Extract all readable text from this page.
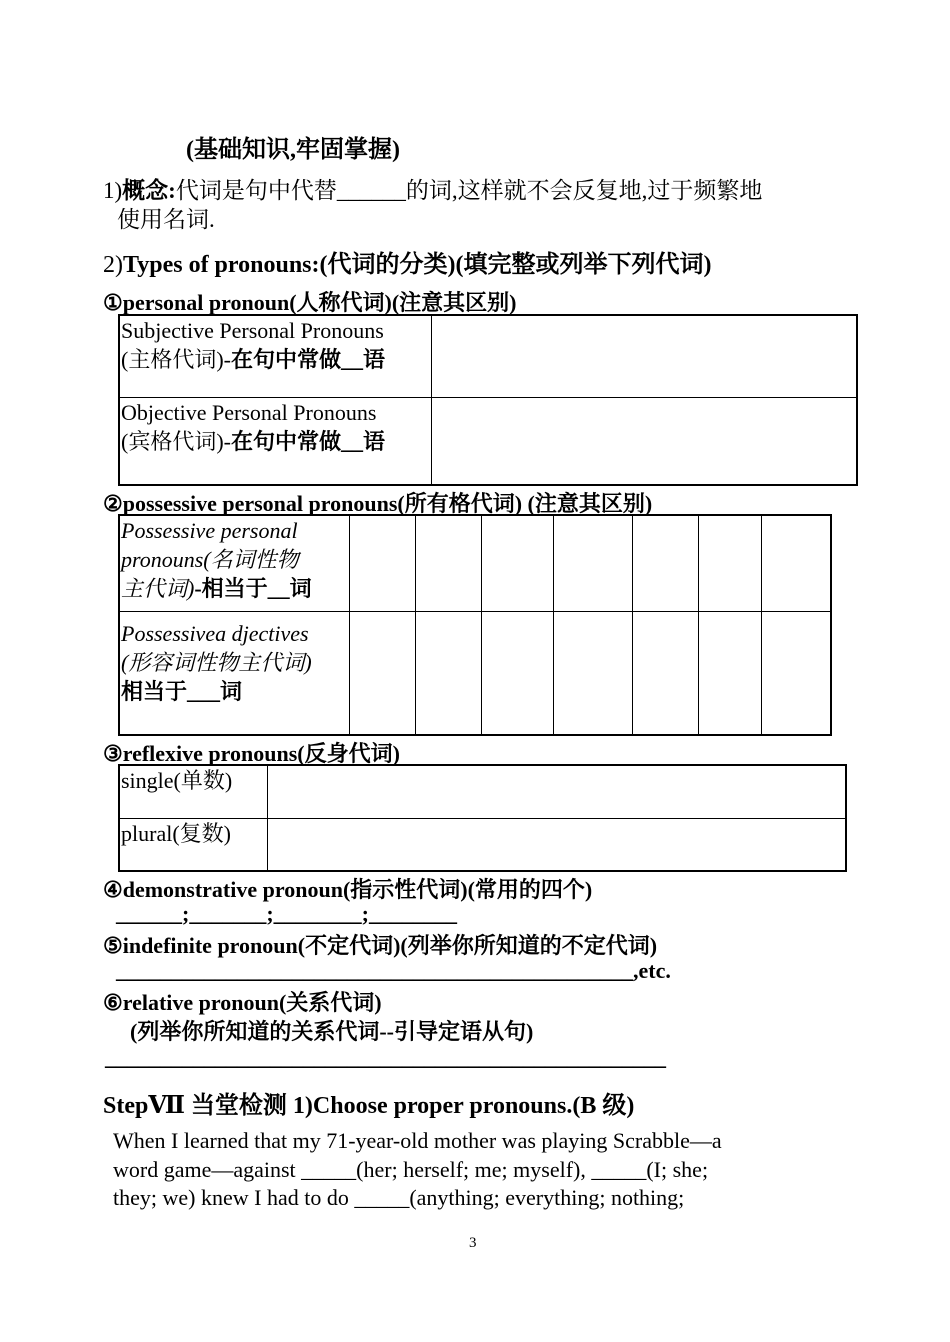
(基础知识,牢固掌握)
1)概念:代词是句中代替______的词,这样就不会反复地,过于频繁地
使用名词.
2)Types of pronouns:(代词的分类)(填完整或列举下列代词)
①personal pronoun(人称代词)(注意其区别)
Subjective Personal Pronouns
(主格代词)-在句中常做__语	

Objective Personal Pronouns
(宾格代词)-在句中常做__语	

②possessive personal pronouns(所有格代词) (注意其区别)
Possessive personal
pronouns(名词性物
主代词)-相当于__词							

Possessivea djectives
(形容词性物主代词)
相当于___词							

③reflexive pronouns(反身代词)
single(单数)	

plural(复数)	

④demonstrative pronoun(指示性代词)(常用的四个)
______;_______;________;________
⑤indefinite pronoun(不定代词)(列举你所知道的不定代词)
_______________________________________________,etc.
⑥relative pronoun(关系代词)
(列举你所知道的关系代词--引导定语从句)
___________________________________________________
StepⅦ 当堂检测 1)Choose proper pronouns.(B 级)
When I learned that my 71-year-old mother was playing Scrabble—a
word game—against _____(her; herself; me; myself), _____(I; she;
they; we) knew I had to do _____(anything; everything; nothing;
3
